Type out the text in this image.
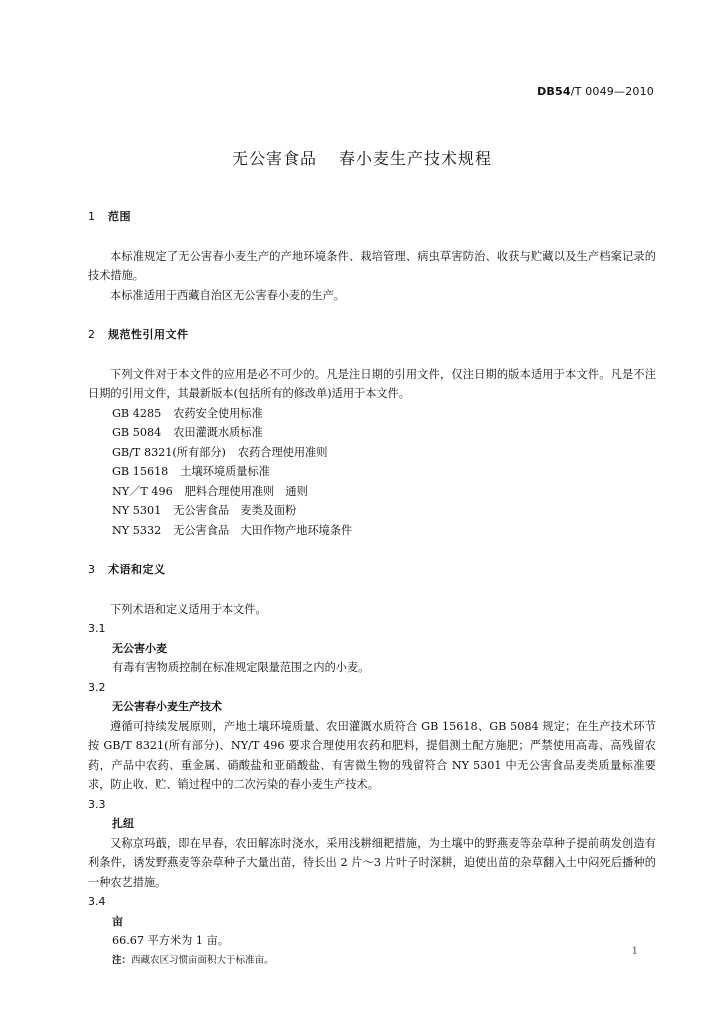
DB54/T 0049—2010
无公害食品 春小麦生产技术规程
1 范围
本标准规定了无公害春小麦生产的产地环境条件、栽培管理、病虫草害防治、收获与贮藏以及生产档案记录的技术措施。
本标准适用于西藏自治区无公害春小麦的生产。
2 规范性引用文件
下列文件对于本文件的应用是必不可少的。凡是注日期的引用文件，仅注日期的版本适用于本文件。凡是不注日期的引用文件，其最新版本(包括所有的修改单)适用于本文件。
GB 4285 农药安全使用标准
GB 5084 农田灌溉水质标准
GB/T 8321(所有部分) 农药合理使用准则
GB 15618 土壤环境质量标准
NY／T 496 肥料合理使用准则　通则
NY 5301 无公害食品　麦类及面粉
NY 5332 无公害食品　大田作物产地环境条件
3 术语和定义
下列术语和定义适用于本文件。
3.1
无公害小麦
有毒有害物质控制在标准规定限量范围之内的小麦。
3.2
无公害春小麦生产技术
遵循可持续发展原则，产地土壤环境质量、农田灌溉水质符合 GB 15618、GB 5084 规定；在生产技术环节按 GB/T 8321(所有部分)、NY/T 496 要求合理使用农药和肥料，提倡测土配方施肥；严禁使用高毒、高残留农药，产品中农药、重金属、硝酸盐和亚硝酸盐、有害微生物的残留符合 NY 5301 中无公害食品麦类质量标准要求，防止收、贮、销过程中的二次污染的春小麦生产技术。
3.3
扎纽
又称京玛蕺，即在早春，农田解冻时浇水，采用浅耕细耙措施，为土壤中的野燕麦等杂草种子提前萌发创造有利条件，诱发野燕麦等杂草种子大量出苗，待长出 2 片～3 片叶子时深耕，迫使出苗的杂草翻入土中闷死后播种的一种农艺措施。
3.4
亩
66.67 平方米为 1 亩。
注：西藏农区习惯亩面积大于标准亩。
1
